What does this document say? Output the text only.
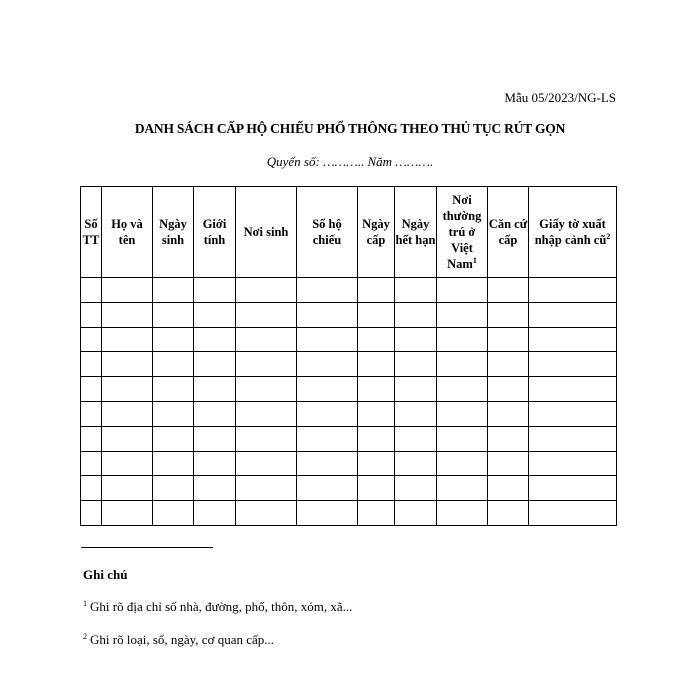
Mẫu 05/2023/NG-LS
DANH SÁCH CẤP HỘ CHIẾU PHỔ THÔNG THEO THỦ TỤC RÚT GỌN
Quyển số: ……….. Năm ……….
Số TT	Họ và tên	Ngày sinh	Giới tính	Nơi sinh	Số hộ chiếu	Ngày cấp	Ngày hết hạn	Nơi thường trú ở Việt Nam$^1$	Căn cứ cấp	Giấy tờ xuất nhập cảnh $cũ^2$

Ghi chú
$^1$ Ghi rõ địa chỉ số nhà, đường, phố, thôn, xóm, xã...
$^2$ Ghi rõ loại, số, ngày, cơ quan cấp...
